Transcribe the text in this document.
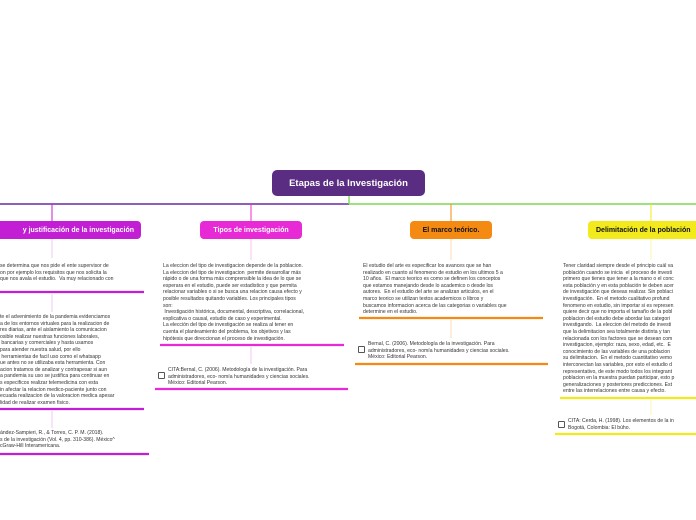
Etapas de la Investigación
y justificación de la investigación	Tipos de investigación	El marco teórico.	Delimitación de la población
se determina que nos pide el ente supervisor de
on por ejemplo los requisitos que nos solicita la
que nos avala el estudio.  Va muy relacionado con
te el advenimiento de la pandemia evidenciamos
a de los entornos virtuales para la realizacion de
res diarias, ante el aislamiento la comunicacion
osible realizar nuestras funciones laborales,
bancarias y comerciales y hasta usamos
para atender nuestra salud, por ello
herramientas de facil uso como el whatsapp
ue antes no se utilizaba esta herramienta. Con
acion tratamos de analizar y contrapesar si aun
a pandemia su uso se justifica para continuar en
s especificos realizar telemedicina con esta
in afectar la relacion medico-paciente junto con
ecuada realizacion de la valoracion medica apesar
lidad de realizar examen fisico.
ández-Sampieri, R., & Torres, C. P. M. (2018).
s de la investigación (Vol. 4, pp. 310-386). México^
cGraw-Hill Interamericana.
La eleccion del tipo de investigacion depende de la poblacion.
La eleccion del tipo de investigacion  permite desarrollar más
rápido o de una forma más comprensible la idea de lo que se
esperara en el estudio, puede ser estadistico y que permita
relacionar variables o si se busca una relacion causa efecto y
posible resultados quitando variables. Los principales tipos
son:
Investigación histórica, documental, descriptiva, correlacional,
explicativa o causal, estudio de caso y experimental.
La elección del tipo de investigación se realiza al tener en
cuenta el planteamiento del problema, los objetivos y las
hipótesis que direccionan el proceso de investigación.
CITA:Bernal, C. (2006). Metodología de la investigación. Para
administradores, eco- nomía humanidades y ciencias sociales.
México: Editorial Pearson.
El estudio del arte es especificar los avances que se han
realizado en cuanto al fenomeno de estudio en los ultimos 5 a
10 años.  El marco teorico es como se definen los conceptos
que estamos manejando desde lo academico o desde los
autores.  En el estudio del arte se analizan articulos, en el
marco teorico se utilizan textos academicos o libros y
buscamos informacion acerca de las categorias o variables que
determine en el estudio.
Bernal, C. (2006). Metodología de la investigación. Para
administradores, eco- nomía humanidades y ciencias sociales.
México: Editorial Pearson.
Tener claridad siempre desde el principio cuál va
población cuando se inicia  el proceso de investi
primero que tienes que tener a la mano o el conc
esta población y en esta población te deben acer
de investigación que deseas realizar. Sin poblaci
investigación.  En el metodo cualitativo profund
fenomeno en estudio, sin importar si es represen
quiere decir que no importa el tamaño de la pobl
poblacion del estudio debe abordar las categori
investigando.  La eleccion del metodo de investi
que la delimitacion sea totalmente distinta y tan
relacionada con los factores que se desean com
investigacion, ejemplo: raza, sexo, edad, etc.  E
conocimiento de las variables de una poblacion
su delimitacion.  En el metodo cuantitativo vemo
interconectan las variables, por esto el estudio d
representativo, de este modo todos los integrant
poblacion en la muestra puedan participar, esto p
generalizaciones y posteriores predicciones. Est
entre las interrelaciones entre causa y efecto.
CITA: Cerda, H. (1998). Los elementos de la in
Bogotá, Colombia: El búho.
